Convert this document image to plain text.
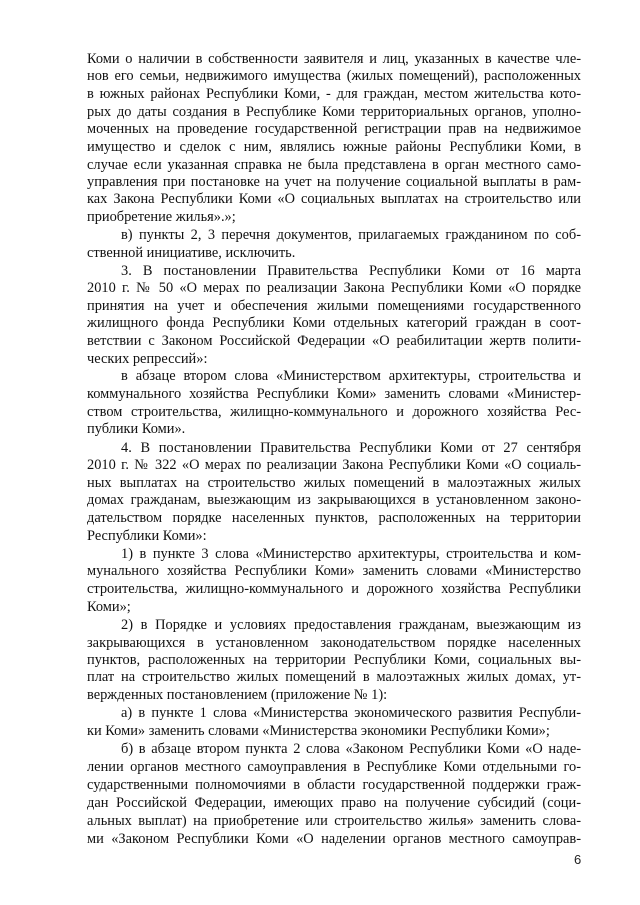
Коми о наличии в собственности заявителя и лиц, указанных в качестве чле-
нов его семьи, недвижимого имущества (жилых помещений), расположенных
в южных районах Республики Коми, - для граждан, местом жительства кото-
рых до даты создания в Республике Коми территориальных органов, уполно-
моченных на проведение государственной регистрации прав на недвижимое
имущество и сделок с ним, являлись южные районы Республики Коми, в
случае если указанная справка не была представлена в орган местного само-
управления при постановке на учет на получение социальной выплаты в рам-
ках Закона Республики Коми «О социальных выплатах на строительство или
приобретение жилья».»;
в) пункты 2, 3 перечня документов, прилагаемых гражданином по соб-
ственной инициативе, исключить.
3. В постановлении Правительства Республики Коми от 16 марта
2010 г. № 50 «О мерах по реализации Закона Республики Коми «О порядке
принятия на учет и обеспечения жилыми помещениями государственного
жилищного фонда Республики Коми отдельных категорий граждан в соот-
ветствии с Законом Российской Федерации «О реабилитации жертв полити-
ческих репрессий»:
в абзаце втором слова «Министерством архитектуры, строительства и
коммунального хозяйства Республики Коми» заменить словами «Министер-
ством строительства, жилищно-коммунального и дорожного хозяйства Рес-
публики Коми».
4. В постановлении Правительства Республики Коми от 27 сентября
2010 г. № 322 «О мерах по реализации Закона Республики Коми «О социаль-
ных выплатах на строительство жилых помещений в малоэтажных жилых
домах гражданам, выезжающим из закрывающихся в установленном законо-
дательством порядке населенных пунктов, расположенных на территории
Республики Коми»:
1) в пункте 3 слова «Министерство архитектуры, строительства и ком-
мунального хозяйства Республики Коми» заменить словами «Министерство
строительства, жилищно-коммунального и дорожного хозяйства Республики
Коми»;
2) в Порядке и условиях предоставления гражданам, выезжающим из
закрывающихся в установленном законодательством порядке населенных
пунктов, расположенных на территории Республики Коми, социальных вы-
плат на строительство жилых помещений в малоэтажных жилых домах, ут-
вержденных постановлением (приложение № 1):
а) в пункте 1 слова «Министерства экономического развития Республи-
ки Коми» заменить словами «Министерства экономики Республики Коми»;
б) в абзаце втором пункта 2 слова «Законом Республики Коми «О наде-
лении органов местного самоуправления в Республике Коми отдельными го-
сударственными полномочиями в области государственной поддержки граж-
дан Российской Федерации, имеющих право на получение субсидий (соци-
альных выплат) на приобретение или строительство жилья» заменить слова-
ми «Законом Республики Коми «О наделении органов местного самоуправ-
6
